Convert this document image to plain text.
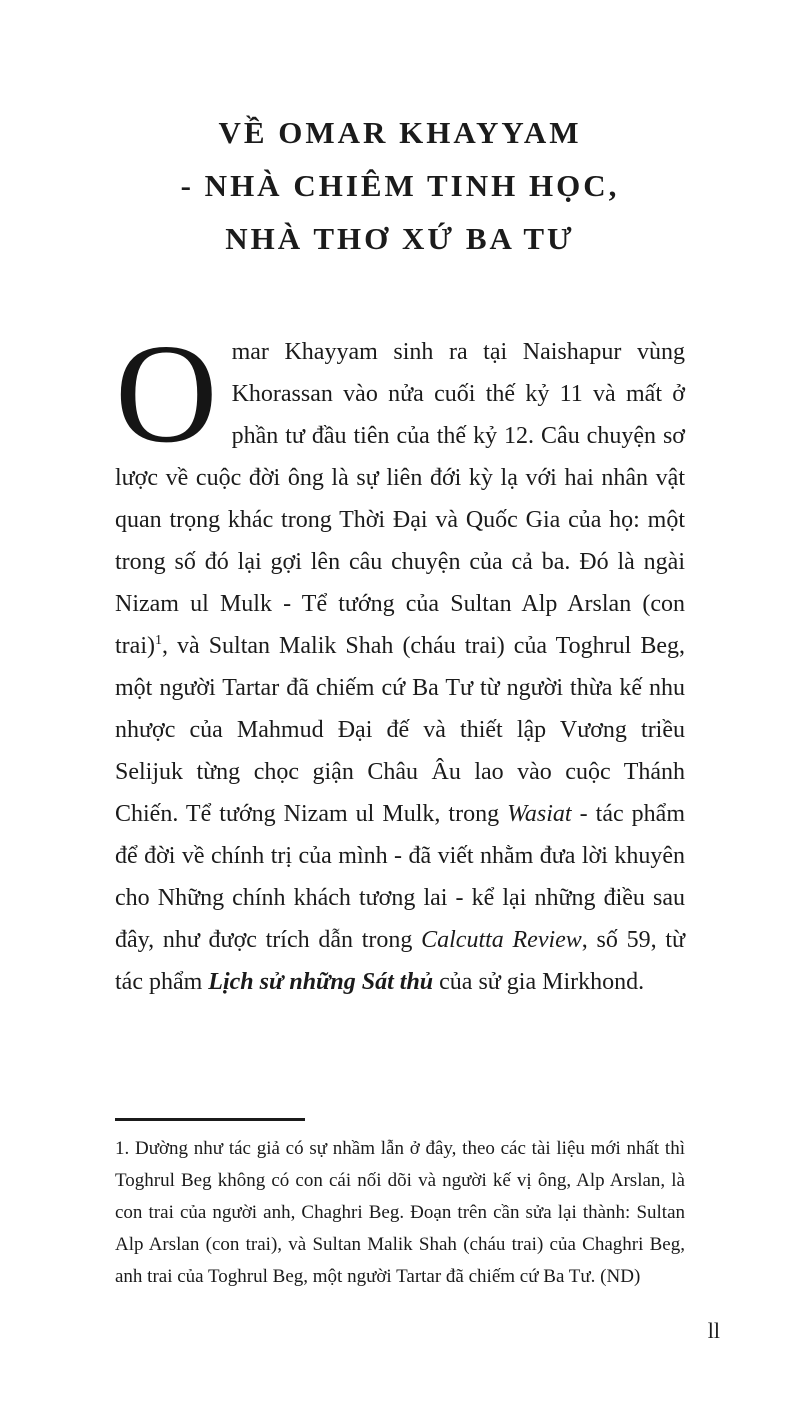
VỀ OMAR KHAYYAM
- NHÀ CHIÊM TINH HỌC,
NHÀ THƠ XỨ BA TƯ
Omar Khayyam sinh ra tại Naishapur vùng Khorassan vào nửa cuối thế kỷ 11 và mất ở phần tư đầu tiên của thế kỷ 12. Câu chuyện sơ lược về cuộc đời ông là sự liên đới kỳ lạ với hai nhân vật quan trọng khác trong Thời Đại và Quốc Gia của họ: một trong số đó lại gợi lên câu chuyện của cả ba. Đó là ngài Nizam ul Mulk - Tể tướng của Sultan Alp Arslan (con trai)$^1$, và Sultan Malik Shah (cháu trai) của Toghrul Beg, một người Tartar đã chiếm cứ Ba Tư từ người thừa kế nhu nhược của Mahmud Đại đế và thiết lập Vương triều Selijuk từng chọc giận Châu Âu lao vào cuộc Thánh Chiến. Tể tướng Nizam ul Mulk, trong Wasiat - tác phẩm để đời về chính trị của mình - đã viết nhằm đưa lời khuyên cho Những chính khách tương lai - kể lại những điều sau đây, như được trích dẫn trong Calcutta Review, số 59, từ tác phẩm Lịch sử những Sát thủ của sử gia Mirkhond.

1. Dường như tác giả có sự nhầm lẫn ở đây, theo các tài liệu mới nhất thì Toghrul Beg không có con cái nối dõi và người kế vị ông, Alp Arslan, là con trai của người anh, Chaghri Beg. Đoạn trên cần sửa lại thành: Sultan Alp Arslan (con trai), và Sultan Malik Shah (cháu trai) của Chaghri Beg, anh trai của Toghrul Beg, một người Tartar đã chiếm cứ Ba Tư. (ND)

ll
